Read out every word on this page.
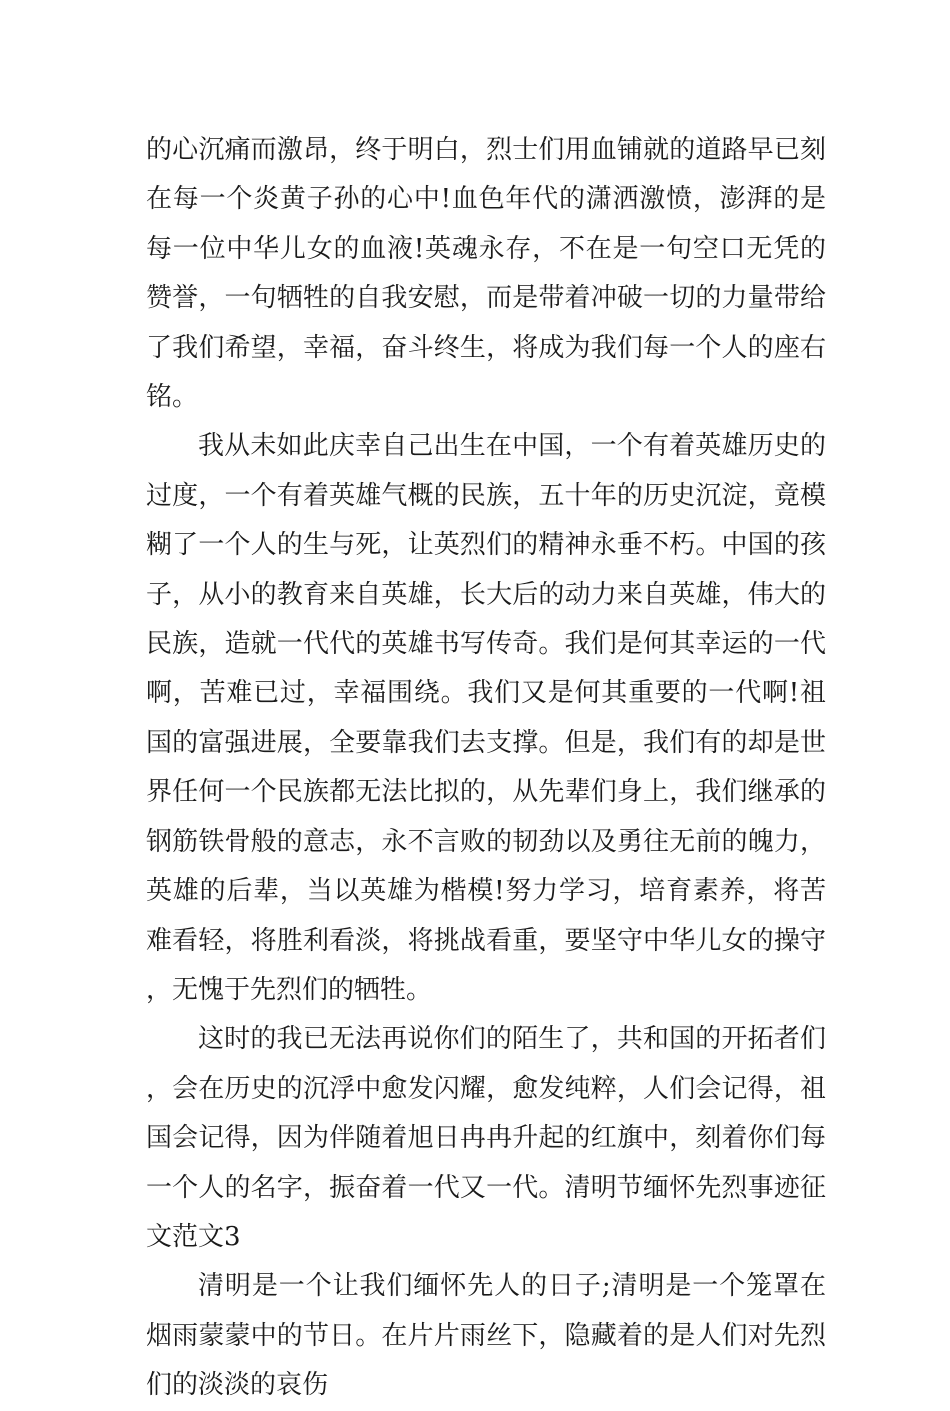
的心沉痛而激昂，终于明白，烈士们用血铺就的道路早已刻在每一个炎黄子孙的心中!血色年代的潇洒激愤，澎湃的是每一位中华儿女的血液!英魂永存，不在是一句空口无凭的赞誉，一句牺牲的自我安慰，而是带着冲破一切的力量带给了我们希望，幸福，奋斗终生，将成为我们每一个人的座右铭。

我从未如此庆幸自己出生在中国，一个有着英雄历史的过度，一个有着英雄气概的民族，五十年的历史沉淀，竟模糊了一个人的生与死，让英烈们的精神永垂不朽。中国的孩子，从小的教育来自英雄，长大后的动力来自英雄，伟大的民族，造就一代代的英雄书写传奇。我们是何其幸运的一代啊，苦难已过，幸福围绕。我们又是何其重要的一代啊!祖国的富强进展，全要靠我们去支撑。但是，我们有的却是世界任何一个民族都无法比拟的，从先辈们身上，我们继承的钢筋铁骨般的意志，永不言败的韧劲以及勇往无前的魄力，英雄的后辈，当以英雄为楷模!努力学习，培育素养，将苦难看轻，将胜利看淡，将挑战看重，要坚守中华儿女的操守，无愧于先烈们的牺牲。

这时的我已无法再说你们的陌生了，共和国的开拓者们，会在历史的沉浮中愈发闪耀，愈发纯粹，人们会记得，祖国会记得，因为伴随着旭日冉冉升起的红旗中，刻着你们每一个人的名字，振奋着一代又一代。清明节缅怀先烈事迹征文范文3

清明是一个让我们缅怀先人的日子;清明是一个笼罩在烟雨蒙蒙中的节日。在片片雨丝下，隐藏着的是人们对先烈们的淡淡的哀伤
